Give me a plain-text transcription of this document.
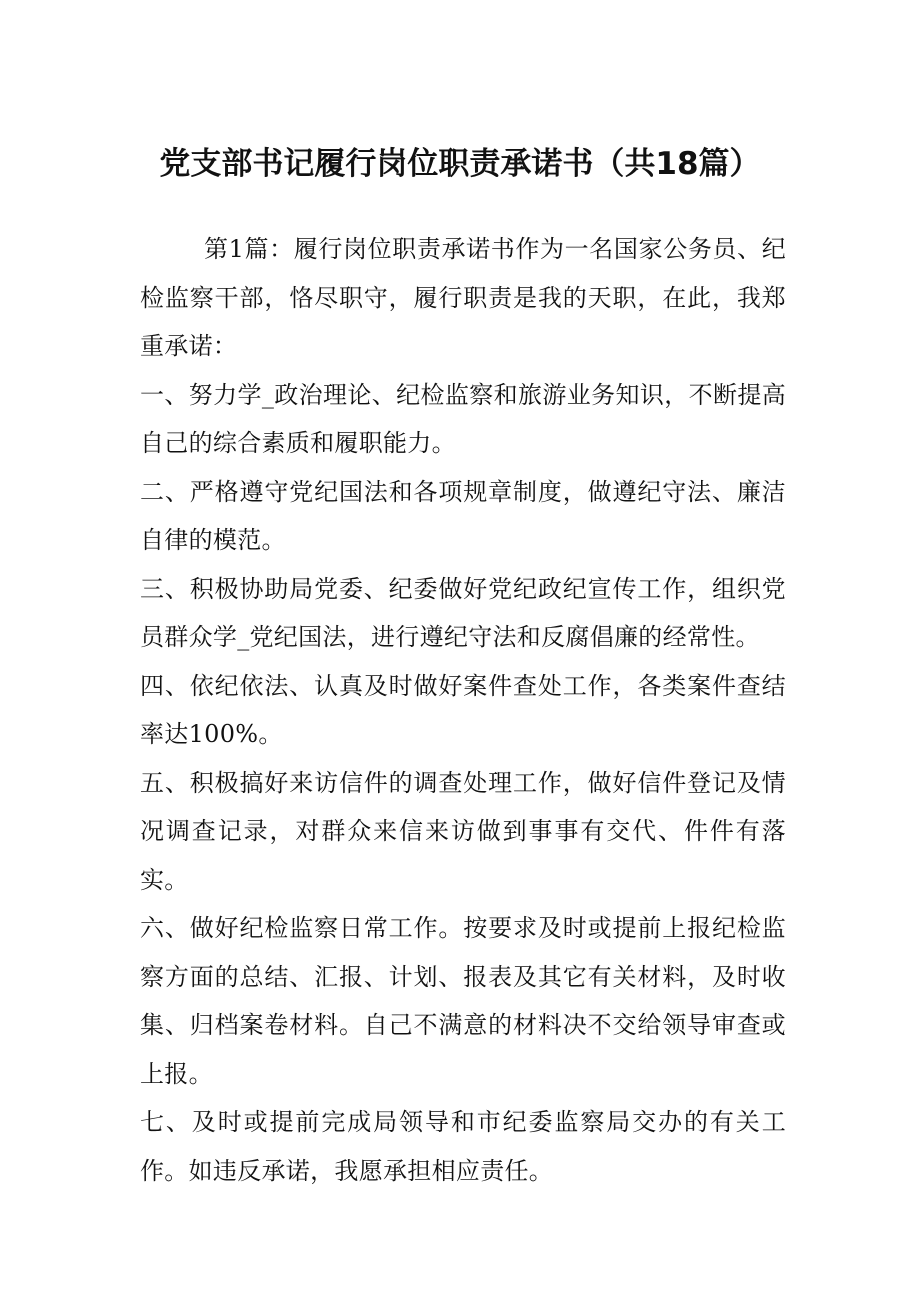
党支部书记履行岗位职责承诺书（共18篇）

第1篇：履行岗位职责承诺书作为一名国家公务员、纪检监察干部，恪尽职守，履行职责是我的天职，在此，我郑重承诺：

一、努力学_政治理论、纪检监察和旅游业务知识，不断提高自己的综合素质和履职能力。

二、严格遵守党纪国法和各项规章制度，做遵纪守法、廉洁自律的模范。

三、积极协助局党委、纪委做好党纪政纪宣传工作，组织党员群众学_党纪国法，进行遵纪守法和反腐倡廉的经常性。

四、依纪依法、认真及时做好案件查处工作，各类案件查结率达100%。

五、积极搞好来访信件的调查处理工作，做好信件登记及情况调查记录，对群众来信来访做到事事有交代、件件有落实。

六、做好纪检监察日常工作。按要求及时或提前上报纪检监察方面的总结、汇报、计划、报表及其它有关材料，及时收集、归档案卷材料。自己不满意的材料决不交给领导审查或上报。

七、及时或提前完成局领导和市纪委监察局交办的有关工作。如违反承诺，我愿承担相应责任。
